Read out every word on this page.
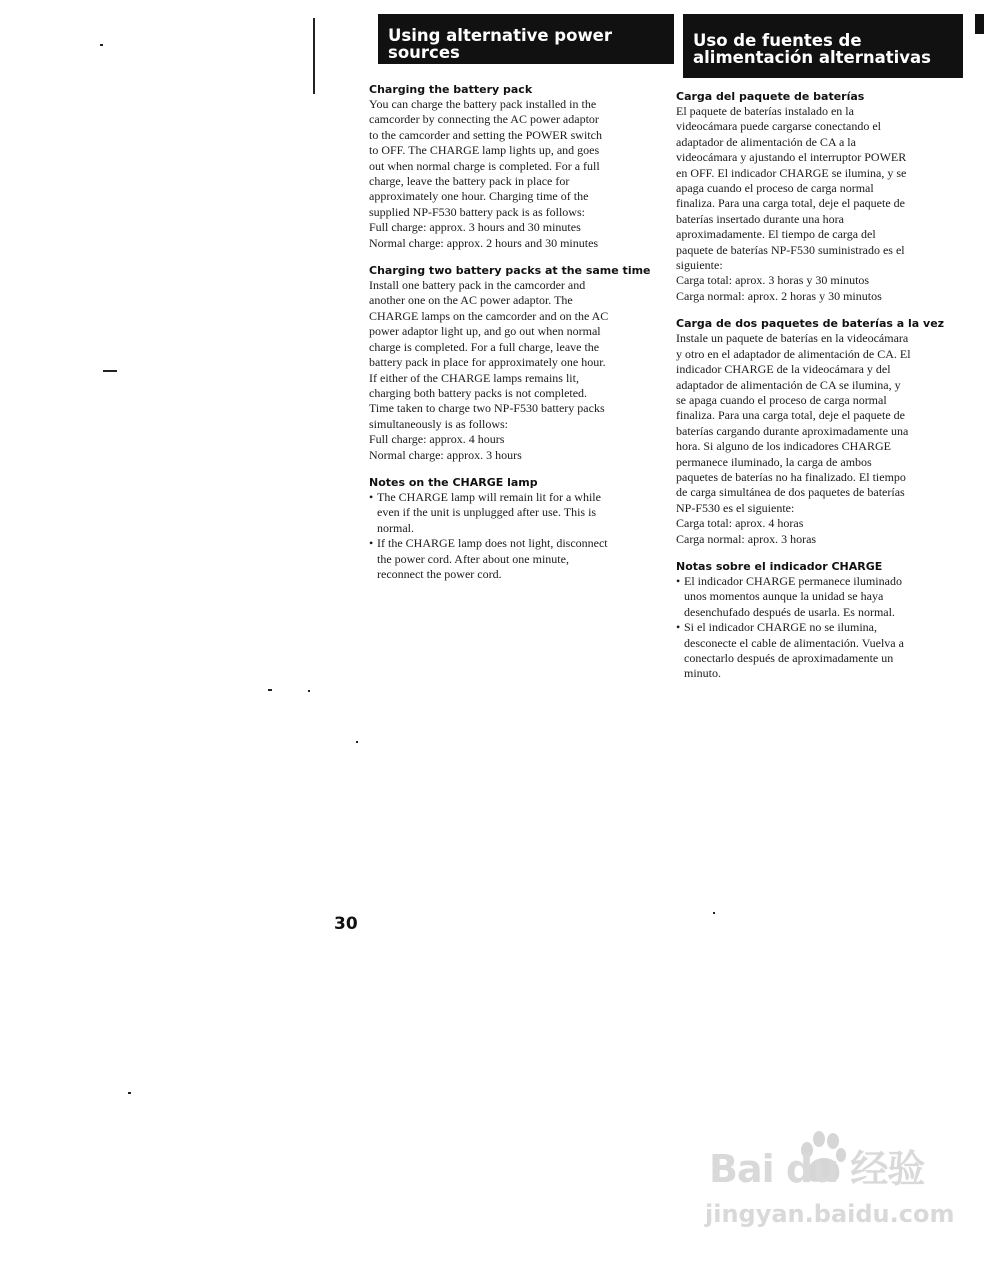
Using alternative power
sources
Uso de fuentes de
alimentación alternativas
Charging the battery pack

You can charge the battery pack installed in the
camcorder by connecting the AC power adaptor
to the camcorder and setting the POWER switch
to OFF. The CHARGE lamp lights up, and goes
out when normal charge is completed. For a full
charge, leave the battery pack in place for
approximately one hour. Charging time of the
supplied NP-F530 battery pack is as follows:
Full charge: approx. 3 hours and 30 minutes
Normal charge: approx. 2 hours and 30 minutes

Charging two battery packs at the same time

Install one battery pack in the camcorder and
another one on the AC power adaptor. The
CHARGE lamps on the camcorder and on the AC
power adaptor light up, and go out when normal
charge is completed. For a full charge, leave the
battery pack in place for approximately one hour.
If either of the CHARGE lamps remains lit,
charging both battery packs is not completed.
Time taken to charge two NP-F530 battery packs
simultaneously is as follows:
Full charge: approx. 4 hours
Normal charge: approx. 3 hours

Notes on the CHARGE lamp
• The CHARGE lamp will remain lit for a while
even if the unit is unplugged after use. This is
normal.
• If the CHARGE lamp does not light, disconnect
the power cord. After about one minute,
reconnect the power cord.
Carga del paquete de baterías

El paquete de baterías instalado en la
videocámara puede cargarse conectando el
adaptador de alimentación de CA a la
videocámara y ajustando el interruptor POWER
en OFF. El indicador CHARGE se ilumina, y se
apaga cuando el proceso de carga normal
finaliza. Para una carga total, deje el paquete de
baterías insertado durante una hora
aproximadamente. El tiempo de carga del
paquete de baterías NP-F530 suministrado es el
siguiente:
Carga total: aprox. 3 horas y 30 minutos
Carga normal: aprox. 2 horas y 30 minutos

Carga de dos paquetes de baterías a la vez

Instale un paquete de baterías en la videocámara
y otro en el adaptador de alimentación de CA. El
indicador CHARGE de la videocámara y del
adaptador de alimentación de CA se ilumina, y
se apaga cuando el proceso de carga normal
finaliza. Para una carga total, deje el paquete de
baterías cargando durante aproximadamente una
hora. Si alguno de los indicadores CHARGE
permanece iluminado, la carga de ambos
paquetes de baterías no ha finalizado. El tiempo
de carga simultánea de dos paquetes de baterías
NP-F530 es el siguiente:
Carga total: aprox. 4 horas
Carga normal: aprox. 3 horas

Notas sobre el indicador CHARGE
• El indicador CHARGE permanece iluminado
unos momentos aunque la unidad se haya
desenchufado después de usarla. Es normal.
• Si el indicador CHARGE no se ilumina,
desconecte el cable de alimentación. Vuelva a
conectarlo después de aproximadamente un
minuto.
30
Bai du 经验
jingyan.baidu.com
